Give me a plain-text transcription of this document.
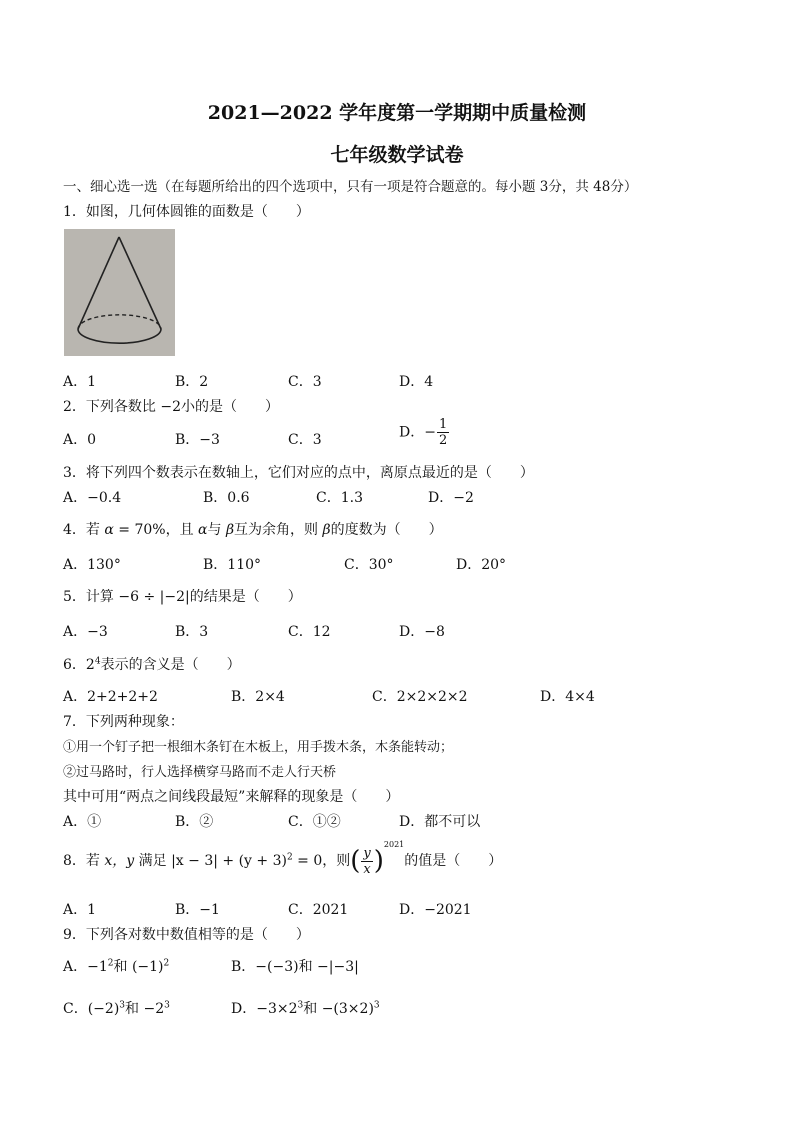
2021—2022 学年度第一学期期中质量检测
七年级数学试卷
一、细心选一选（在每题所给出的四个选项中，只有一项是符合题意的。每小题 3分，共 48分）
1．如图，几何体圆锥的面数是（　　）
A．1	B．2	C．3	D．4
2．下列各数比 −2小的是（　　）
A．0	B．−3	C．3	D．− $\frac{1}{2}$
3．将下列四个数表示在数轴上，它们对应的点中，离原点最近的是（　　）
A．−0.4	B．0.6	C．1.3	D．−2
4．若 α = 70%，且 α与 β互为余角，则 β的度数为（　　）
A．130°	B．110°	C．30°	D．20°
5．计算 −6 ÷ |−2|的结果是（　　）
A．−3	B．3	C．12	D．−8
6．$2^4$表示的含义是（　　）
A．2+2+2+2	B．2×4	C．2×2×2×2	D．4×4
7．下列两种现象：
①用一个钉子把一根细木条钉在木板上，用手拨木条，木条能转动；
②过马路时，行人选择横穿马路而不走人行天桥
其中可用“两点之间线段最短”来解释的现象是（　　）
A．①	B．②	C．①②	D．都不可以
8．若 x，y 满足 $|x - 3| + (y + 3)^2 = 0$，则( $\frac{y}{x} )^{2021}$的值是（　　）
A．1	B．−1	C．2021	D．−2021
9．下列各对数中数值相等的是（　　）
A．$-1^2$和 $(-1)^2$	B．−(−3)和 −|−3|
C．$(-2)^3$和 $-2^3$	D．$-3\times 2^3$和 $-(3\times 2)^3$
